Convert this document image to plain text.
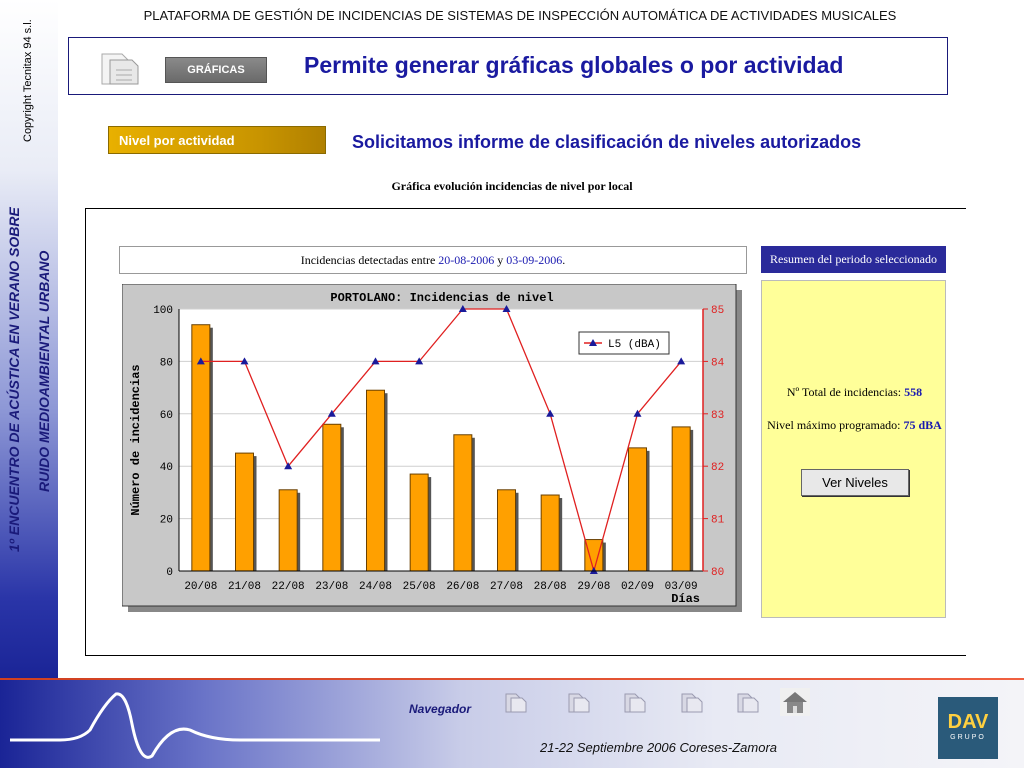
Copyright Tecnitax 94 s.l.
1º ENCUENTRO DE ACÚSTICA EN VERANO SOBRE RUIDO MEDIOAMBIENTAL URBANO
PLATAFORMA DE GESTIÓN DE INCIDENCIAS DE SISTEMAS DE INSPECCIÓN AUTOMÁTICA DE ACTIVIDADES MUSICALES
GRÁFICAS	Permite generar gráficas globales o por actividad
Nivel por actividad	Solicitamos informe de clasificación de niveles autorizados
Gráfica evolución incidencias de nivel por local
Incidencias detectadas entre 20-08-2006 y 03-09-2006.	Resumen del periodo seleccionado
Nº Total de incidencias: 558
Nivel máximo programado: 75 dBA
Ver Niveles
0
20
40
60
80
100
80
81
82
83
84
85
20/08 21/08 22/08 23/08 24/08 25/08 26/08 27/08 28/08 29/08 02/09 03/09
PORTOLANO: Incidencias de nivel
Número de incidencias
Días
L5 (dBA)
Navegador
21-22 Septiembre 2006 Coreses-Zamora
DAV
GRUPO
